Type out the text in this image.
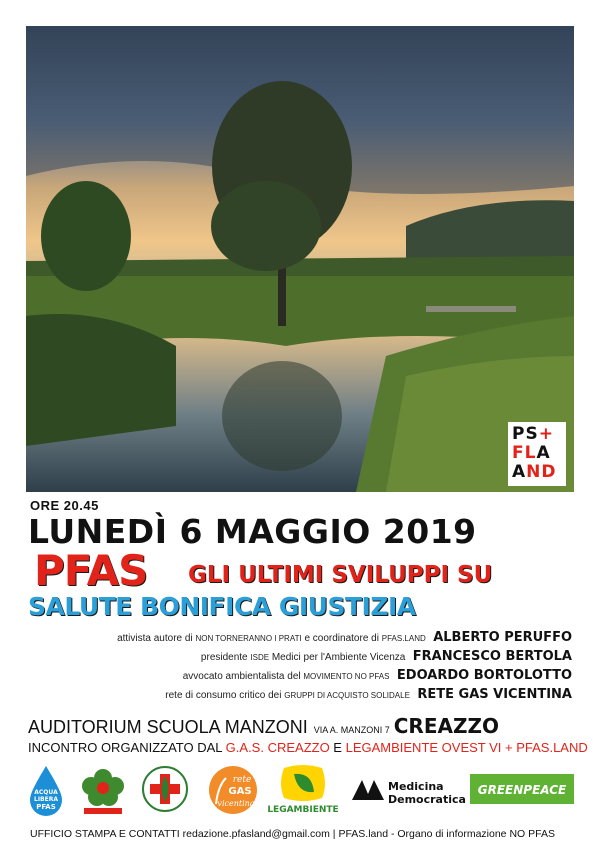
PS+
FLA
AND
ORE 20.45
LUNEDÌ 6 MAGGIO 2019
PFAS GLI ULTIMI SVILUPPI SU
SALUTE BONIFICA GIUSTIZIA
attivista autore di NON TORNERANNO I PRATI e coordinatore di PFAS.LAND ALBERTO PERUFFO
presidente ISDE Medici per l'Ambiente Vicenza FRANCESCO BERTOLA
avvocato ambientalista del MOVIMENTO NO PFAS EDOARDO BORTOLOTTO
rete di consumo critico dei GRUPPI DI ACQUISTO SOLIDALE RETE GAS VICENTINA
AUDITORIUM SCUOLA MANZONI VIA A. MANZONI 7 CREAZZO
INCONTRO ORGANIZZATO DAL G.A.S. CREAZZO E LEGAMBIENTE OVEST VI + PFAS.LAND
ACQUA
LIBERA
PFAS
rete
GAS
vicentina
LEGAMBIENTE
Medicina
Democratica
GREENPEACE
UFFICIO STAMPA E CONTATTI redazione.pfasland@gmail.com | PFAS.land - Organo di informazione NO PFAS
